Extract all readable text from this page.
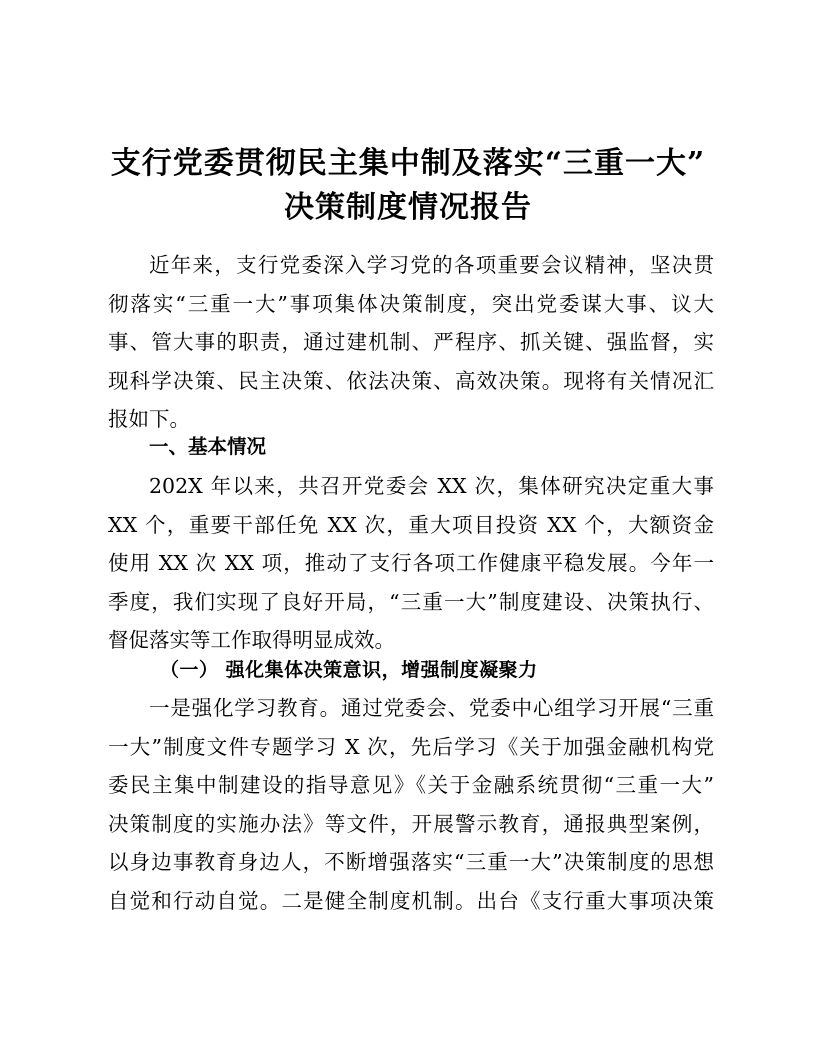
支行党委贯彻民主集中制及落实“三重一大”
决策制度情况报告
近年来，支行党委深入学习党的各项重要会议精神，坚决贯
彻落实“三重一大”事项集体决策制度，突出党委谋大事、议大
事、管大事的职责，通过建机制、严程序、抓关键、强监督，实
现科学决策、民主决策、依法决策、高效决策。现将有关情况汇
报如下。
一、基本情况
202X 年以来，共召开党委会 XX 次，集体研究决定重大事
XX 个，重要干部任免 XX 次，重大项目投资 XX 个，大额资金
使用 XX 次 XX 项，推动了支行各项工作健康平稳发展。今年一
季度，我们实现了良好开局，“三重一大”制度建设、决策执行、
督促落实等工作取得明显成效。
（一） 强化集体决策意识，增强制度凝聚力
一是强化学习教育。通过党委会、党委中心组学习开展“三重
一大”制度文件专题学习 X 次，先后学习《关于加强金融机构党
委民主集中制建设的指导意见》《关于金融系统贯彻“三重一大”
决策制度的实施办法》等文件，开展警示教育，通报典型案例，
以身边事教育身边人，不断增强落实“三重一大”决策制度的思想
自觉和行动自觉。二是健全制度机制。出台《支行重大事项决策
